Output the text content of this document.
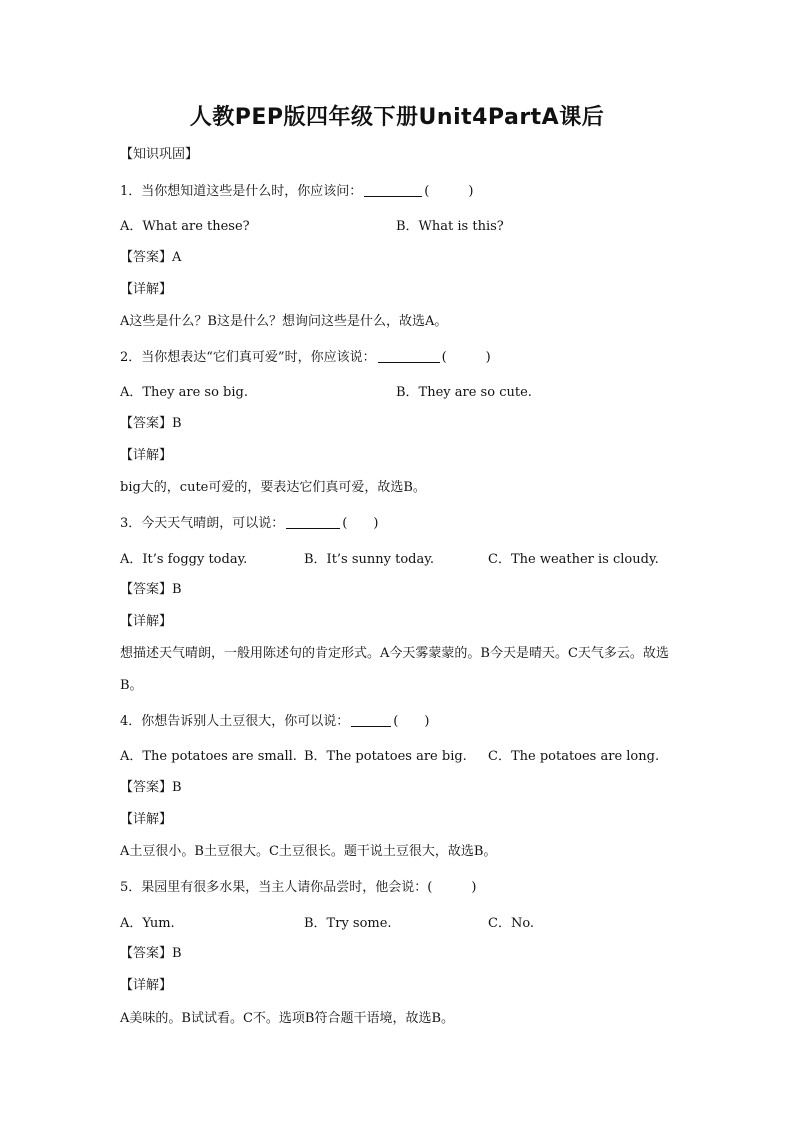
人教PEP版四年级下册Unit4PartA课后
【知识巩固】
1．当你想知道这些是什么时，你应该问：	(　　　)
A．What are these?	B．What is this?
【答案】A
【详解】
A这些是什么？B这是什么？想询问这些是什么，故选A。
2．当你想表达“它们真可爱”时，你应该说：	(　　　)
A．They are so big.	B．They are so cute.
【答案】B
【详解】
big大的，cute可爱的，要表达它们真可爱，故选B。
3．今天天气晴朗，可以说：	(　　)
A．It’s foggy today.	B．It’s sunny today.	C．The weather is cloudy.
【答案】B
【详解】
想描述天气晴朗，一般用陈述句的肯定形式。A今天雾蒙蒙的。B今天是晴天。C天气多云。故选B。
4．你想告诉别人土豆很大，你可以说：	(　　)
A．The potatoes are small. B．The potatoes are big. C．The potatoes are long.
【答案】B
【详解】
A土豆很小。B土豆很大。C土豆很长。题干说土豆很大，故选B。
5．果园里有很多水果，当主人请你品尝时，他会说：(　　　)
A．Yum.	B．Try some.	C．No.
【答案】B
【详解】
A美味的。B试试看。C不。选项B符合题干语境，故选B。
